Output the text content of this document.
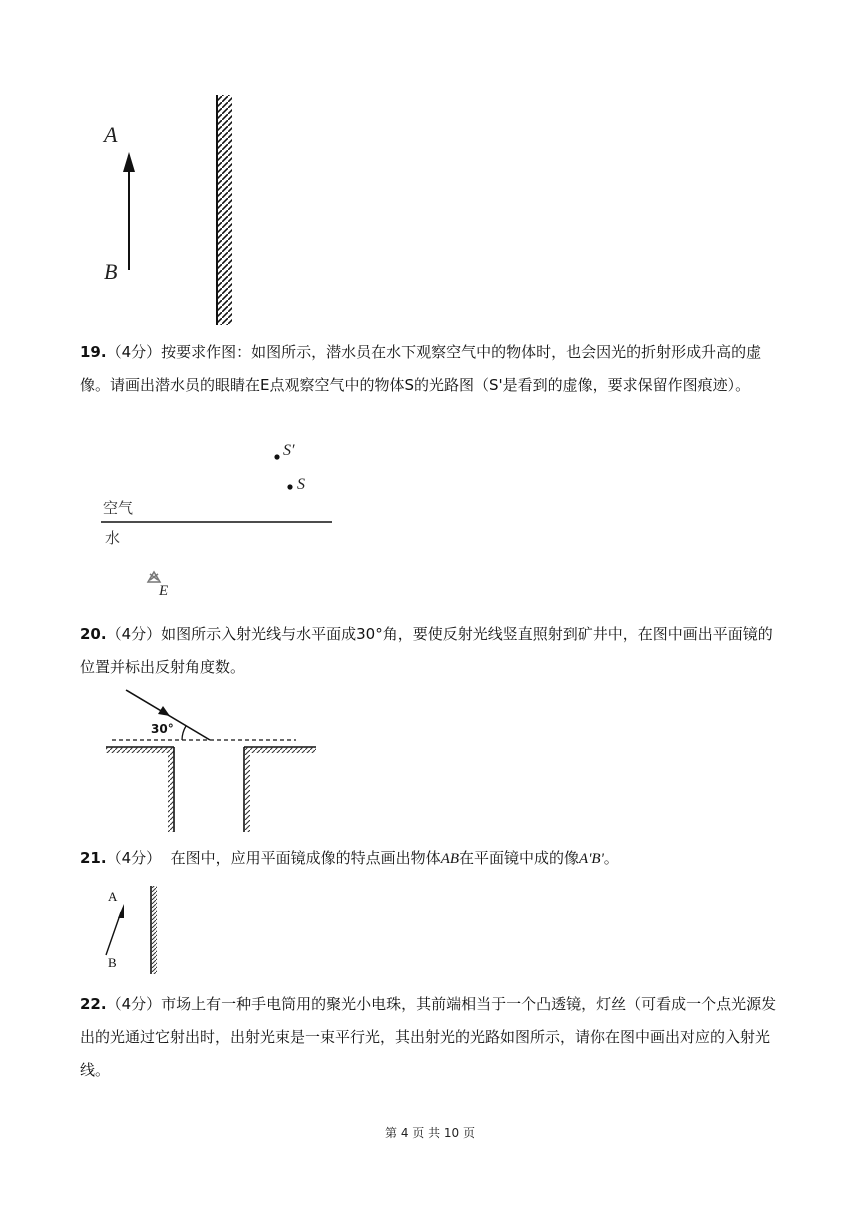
A
B
19.（4分）按要求作图：如图所示，潜水员在水下观察空气中的物体时，也会因光的折射形成升高的虚像。请画出潜水员的眼睛在E点观察空气中的物体S的光路图（S'是看到的虚像，要求保留作图痕迹）。
S′
S
空气
水
E
20.（4分）如图所示入射光线与水平面成30°角，要使反射光线竖直照射到矿井中，在图中画出平面镜的位置并标出反射角度数。
30°
21.（4分） 在图中，应用平面镜成像的特点画出物体AB在平面镜中成的像A'B'。
A
B
22.（4分）市场上有一种手电筒用的聚光小电珠，其前端相当于一个凸透镜，灯丝（可看成一个点光源发出的光通过它射出时，出射光束是一束平行光，其出射光的光路如图所示，请你在图中画出对应的入射光线。
第 4 页 共 10 页
